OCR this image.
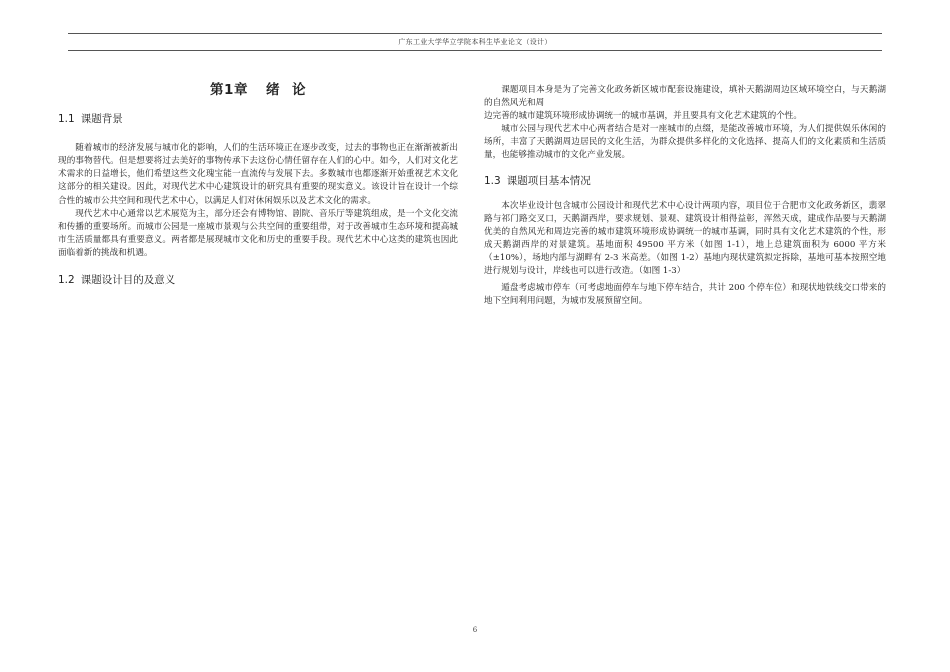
广东工业大学华立学院本科生毕业论文（设计）
第1章 绪 论
1.1 课题背景

随着城市的经济发展与城市化的影响，人们的生活环境正在逐步改变，过去的事物也正在渐渐被新出现的事物替代。但是想要将过去美好的事物传承下去这份心情任留存在人们的心中。如今，人们对文化艺术需求的日益增长，他们希望这些文化瑰宝能一直流传与发展下去。多数城市也都逐渐开始重视艺术文化这部分的相关建设。因此，对现代艺术中心建筑设计的研究具有重要的现实意义。该设计旨在设计一个综合性的城市公共空间和现代艺术中心，以满足人们对休闲娱乐以及艺术文化的需求。

现代艺术中心通常以艺术展览为主，部分还会有博物馆、剧院、音乐厅等建筑组成，是一个文化交流和传播的重要场所。而城市公园是一座城市景观与公共空间的重要组带，对于改善城市生态环境和提高城市生活质量都具有重要意义。两者都是展现城市文化和历史的重要手段。现代艺术中心这类的建筑也因此面临着新的挑战和机遇。

1.2 课题设计目的及意义

课题项目本身是为了完善文化政务新区城市配套设施建设，填补天鹅湖周边区域环境空白，与天鹅湖的自然风光和周

边完善的城市建筑环境形成协调统一的城市基调，并且要具有文化艺术建筑的个性。

城市公园与现代艺术中心两者结合是对一座城市的点缀，是能改善城市环境，为人们提供娱乐休闲的场所，丰富了天鹅湖周边居民的文化生活，为群众提供多样化的文化选择、提高人们的文化素质和生活质量，也能够推动城市的文化产业发展。

1.3 课题项目基本情况

本次毕业设计包含城市公园设计和现代艺术中心设计两项内容，项目位于合肥市文化政务新区，翡翠路与祁门路交叉口，天鹅湖西岸，要求规划、景观、建筑设计相得益彰，浑然天成，建成作品要与天鹅湖优美的自然风光和周边完善的城市建筑环境形成协调统一的城市基调，同时具有文化艺术建筑的个性，形成天鹅湖西岸的对景建筑。基地面积 49500 平方米（如图 1-1），地上总建筑面积为 6000 平方米（±10%），场地内部与湖畔有 2-3 米高差。（如图 1-2）基地内现状建筑拟定拆除，基地可基本按照空地进行规划与设计，岸线也可以进行改造。（如图 1-3）

遁盘考虑城市停车（可考虑地面停车与地下停车结合，共计 200 个停车位）和现状地铁线交口带来的地下空间利用问题，为城市发展预留空间。

6
